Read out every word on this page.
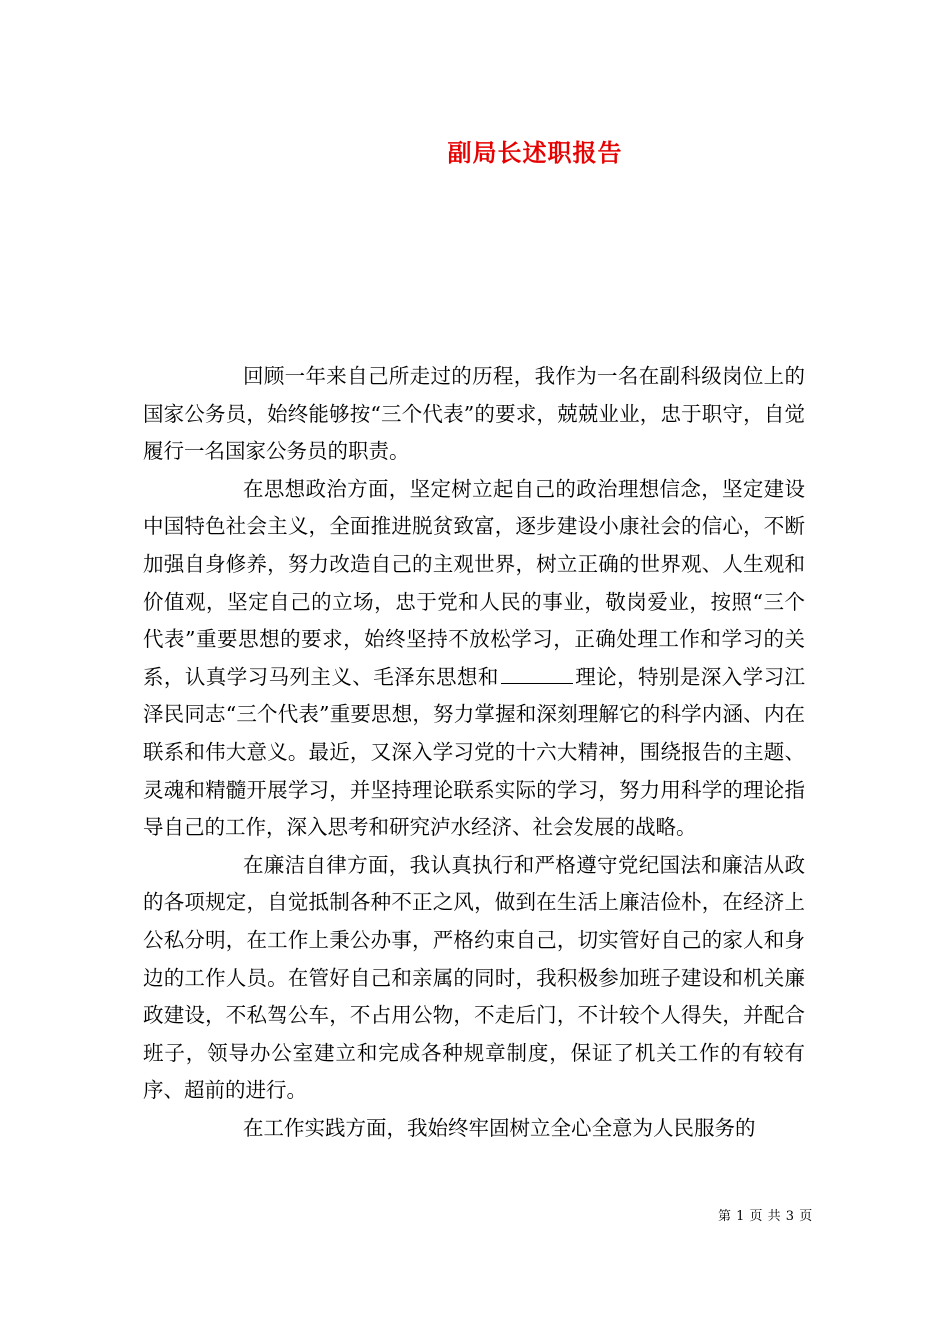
副局长述职报告

回顾一年来自己所走过的历程，我作为一名在副科级岗位上的国家公务员，始终能够按“三个代表”的要求，兢兢业业，忠于职守，自觉履行一名国家公务员的职责。

在思想政治方面，坚定树立起自己的政治理想信念，坚定建设中国特色社会主义，全面推进脱贫致富，逐步建设小康社会的信心，不断加强自身修养，努力改造自己的主观世界，树立正确的世界观、人生观和价值观，坚定自己的立场，忠于党和人民的事业，敬岗爱业，按照“三个代表”重要思想的要求，始终坚持不放松学习，正确处理工作和学习的关系，认真学习马列主义、毛泽东思想和	理论，特别是深入学习江泽民同志“三个代表”重要思想，努力掌握和深刻理解它的科学内涵、内在联系和伟大意义。最近，又深入学习党的十六大精神，围绕报告的主题、灵魂和精髓开展学习，并坚持理论联系实际的学习，努力用科学的理论指导自己的工作，深入思考和研究泸水经济、社会发展的战略。

在廉洁自律方面，我认真执行和严格遵守党纪国法和廉洁从政的各项规定，自觉抵制各种不正之风，做到在生活上廉洁俭朴，在经济上公私分明，在工作上秉公办事，严格约束自己，切实管好自己的家人和身边的工作人员。在管好自己和亲属的同时，我积极参加班子建设和机关廉政建设，不私驾公车，不占用公物，不走后门，不计较个人得失，并配合班子，领导办公室建立和完成各种规章制度，保证了机关工作的有较有序、超前的进行。

在工作实践方面，我始终牢固树立全心全意为人民服务的

第 1 页 共 3 页
